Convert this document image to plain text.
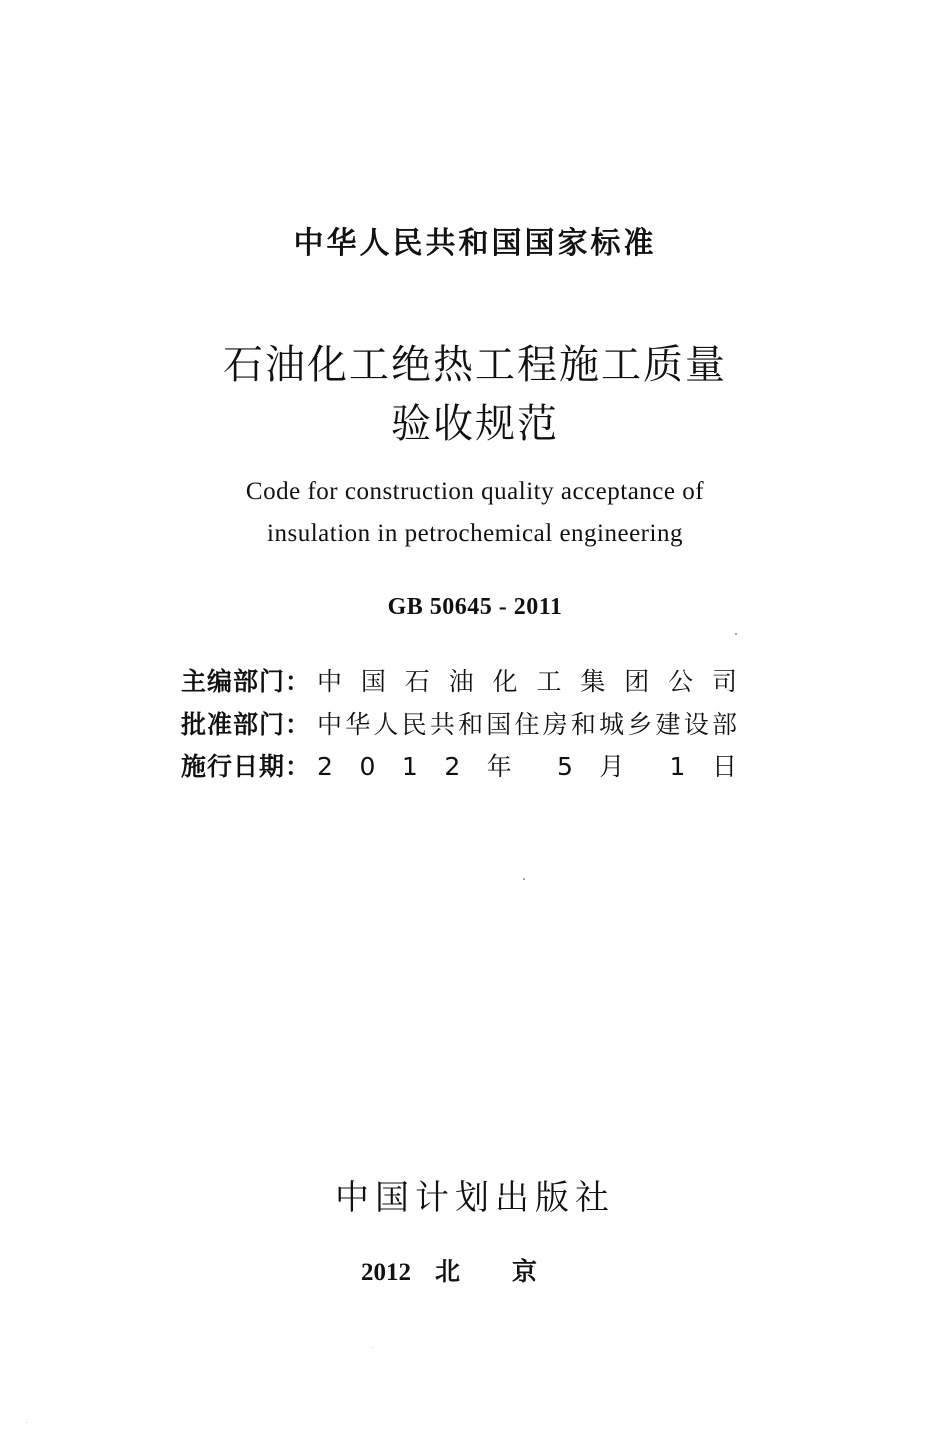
中华人民共和国国家标准
石油化工绝热工程施工质量
验收规范
Code for construction quality acceptance of
insulation in petrochemical engineering
GB 50645 - 2011
主编部门： 中 国 石 油 化 工 集 团 公 司
批准部门： 中华人民共和国住房和城乡建设部
施行日期： 2 0 1 2 年 5 月 1 日
中国计划出版社
2012 北京
